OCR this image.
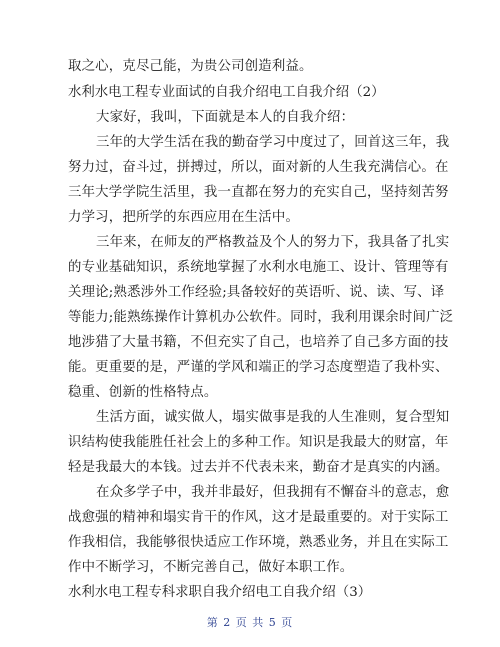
取之心，克尽己能，为贵公司创造利益。
水利水电工程专业面试的自我介绍电工自我介绍（2）
大家好，我叫，下面就是本人的自我介绍：
三年的大学生活在我的勤奋学习中度过了，回首这三年，我
努力过，奋斗过，拼搏过，所以，面对新的人生我充满信心。在
三年大学学院生活里，我一直都在努力的充实自己，坚持刻苦努
力学习，把所学的东西应用在生活中。
三年来，在师友的严格教益及个人的努力下，我具备了扎实
的专业基础知识，系统地掌握了水利水电施工、设计、管理等有
关理论;熟悉涉外工作经验;具备较好的英语听、说、读、写、译
等能力;能熟练操作计算机办公软件。同时，我利用课余时间广泛
地涉猎了大量书籍，不但充实了自己，也培养了自己多方面的技
能。更重要的是，严谨的学风和端正的学习态度塑造了我朴实、
稳重、创新的性格特点。
生活方面，诚实做人，塌实做事是我的人生准则，复合型知
识结构使我能胜任社会上的多种工作。知识是我最大的财富，年
轻是我最大的本钱。过去并不代表未来，勤奋才是真实的内涵。
在众多学子中，我并非最好，但我拥有不懈奋斗的意志，愈
战愈强的精神和塌实肯干的作风，这才是最重要的。对于实际工
作我相信，我能够很快适应工作环境，熟悉业务，并且在实际工
作中不断学习，不断完善自己，做好本职工作。
水利水电工程专科求职自我介绍电工自我介绍（3）
第 2 页 共 5 页
